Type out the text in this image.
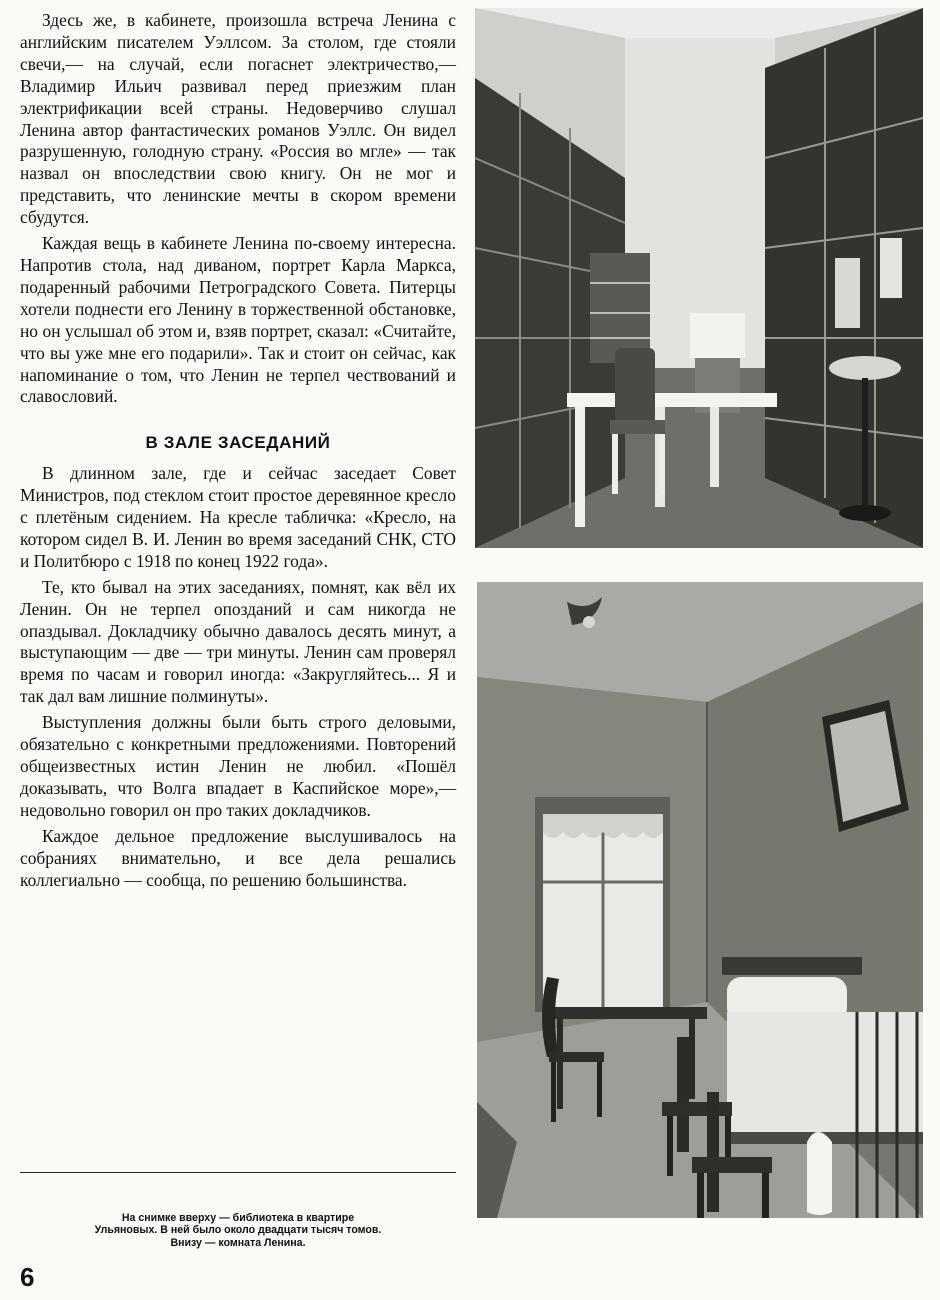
Здесь же, в кабинете, произошла встреча Ленина с английским писателем Уэллсом. За столом, где стояли свечи,— на случай, если погаснет электричество,— Владимир Ильич развивал перед приезжим план электрификации всей страны. Недоверчиво слушал Ленина автор фантастических романов Уэллс. Он видел разрушенную, голодную страну. «Россия во мгле» — так назвал он впоследствии свою книгу. Он не мог и представить, что ленинские мечты в скором времени сбудутся.

Каждая вещь в кабинете Ленина по-своему интересна. Напротив стола, над диваном, портрет Карла Маркса, подаренный рабочими Петроградского Совета. Питерцы хотели поднести его Ленину в торжественной обстановке, но он услышал об этом и, взяв портрет, сказал: «Считайте, что вы уже мне его подарили». Так и стоит он сейчас, как напоминание о том, что Ленин не терпел чествований и славословий.

В ЗАЛЕ ЗАСЕДАНИЙ

В длинном зале, где и сейчас заседает Совет Министров, под стеклом стоит простое деревянное кресло с плетёным сидением. На кресле табличка: «Кресло, на котором сидел В. И. Ленин во время заседаний СНК, СТО и Политбюро с 1918 по конец 1922 года».

Те, кто бывал на этих заседаниях, помнят, как вёл их Ленин. Он не терпел опозданий и сам никогда не опаздывал. Докладчику обычно давалось десять минут, а выступающим — две — три минуты. Ленин сам проверял время по часам и говорил иногда: «Закругляйтесь... Я и так дал вам лишние полминуты».

Выступления должны были быть строго деловыми, обязательно с конкретными предложениями. Повторений общеизвестных истин Ленин не любил. «Пошёл доказывать, что Волга впадает в Каспийское море»,— недовольно говорил он про таких докладчиков.

Каждое дельное предложение выслушивалось на собраниях внимательно, и все дела решались коллегиально — сообща, по решению большинства.

На снимке вверху — библиотека в квартире
Ульяновых. В ней было около двадцати тысяч томов.
Внизу — комната Ленина.
6
